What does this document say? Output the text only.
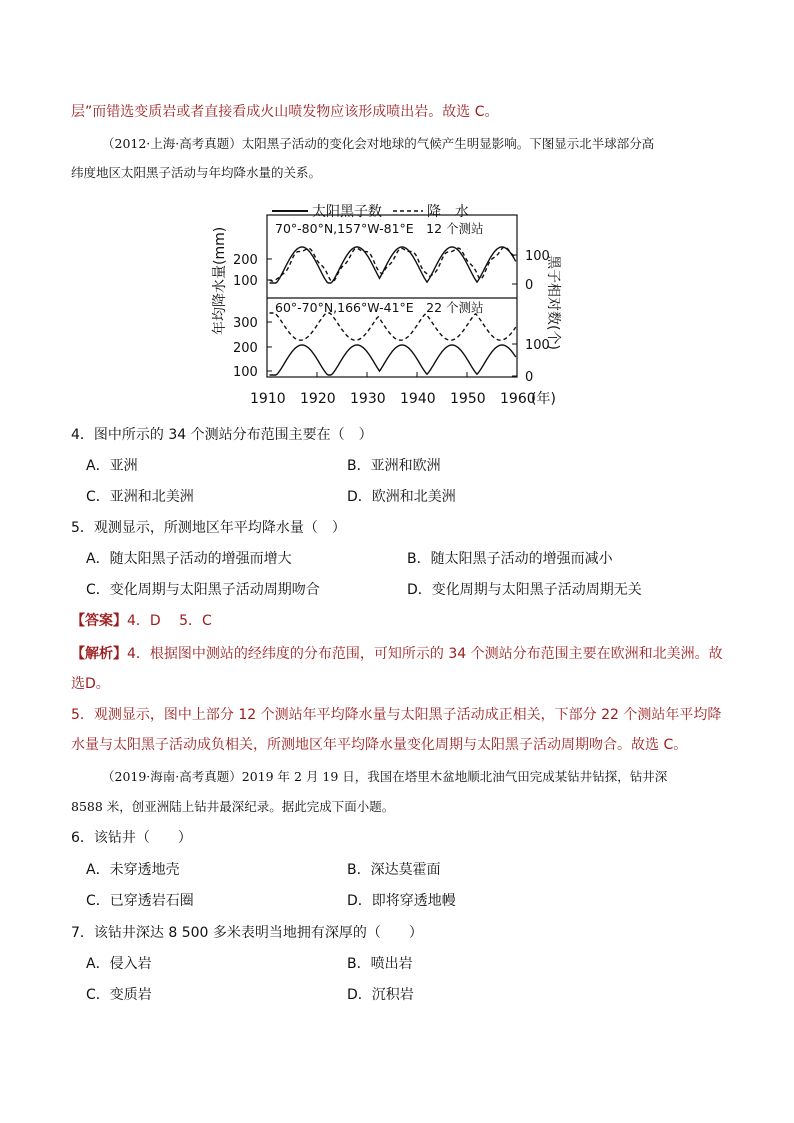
层”而错选变质岩或者直接看成火山喷发物应该形成喷出岩。故选 C。
（2012·上海·高考真题）太阳黑子活动的变化会对地球的气候产生明显影响。下图显示北半球部分高
纬度地区太阳黑子活动与年均降水量的关系。
太阳黑子数	降　水
70°-80°N,157°W-81°E　12 个测站
60°-70°N,166°W-41°E　22 个测站
200
100
300
200
100
100
0
100
0
年均降水量(mm)	黑子相对数(个)
1910 1920 1930 1940 1950 1960
(年)
4．图中所示的 34 个测站分布范围主要在（　）
A．亚洲	B．亚洲和欧洲
C．亚洲和北美洲	D．欧洲和北美洲
5．观测显示，所测地区年平均降水量（　）
A．随太阳黑子活动的增强而增大	B．随太阳黑子活动的增强而减小
C．变化周期与太阳黑子活动周期吻合	D．变化周期与太阳黑子活动周期无关
【答案】4．D　 5．C
【解析】4．根据图中测站的经纬度的分布范围，可知所示的 34 个测站分布范围主要在欧洲和北美洲。故
选D。
5．观测显示，图中上部分 12 个测站年平均降水量与太阳黑子活动成正相关，下部分 22 个测站年平均降
水量与太阳黑子活动成负相关，所测地区年平均降水量变化周期与太阳黑子活动周期吻合。故选 C。
（2019·海南·高考真题）2019 年 2 月 19 日，我国在塔里木盆地顺北油气田完成某钻井钻探，钻井深
8588 米，创亚洲陆上钻井最深纪录。据此完成下面小题。
6．该钻井（　　）
A．未穿透地壳	B．深达莫霍面
C．已穿透岩石圈	D．即将穿透地幔
7．该钻井深达 8 500 多米表明当地拥有深厚的（　　）
A．侵入岩	B．喷出岩
C．变质岩	D．沉积岩
